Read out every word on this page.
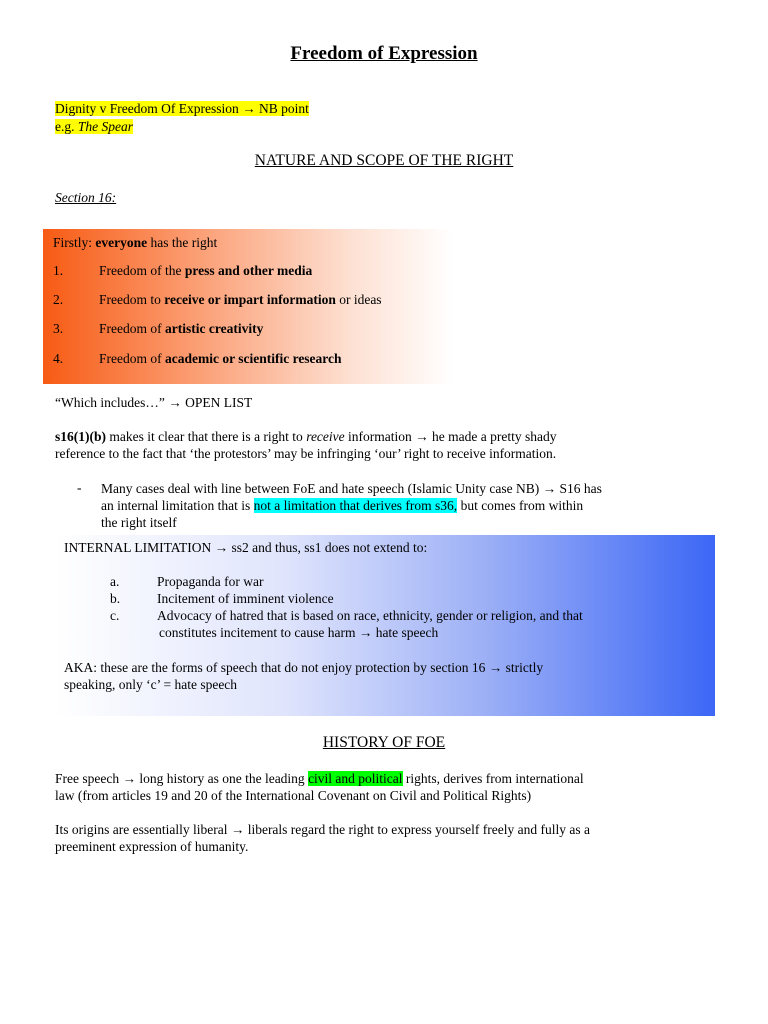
Freedom of Expression
Dignity v Freedom Of Expression → NB point
e.g. The Spear
NATURE AND SCOPE OF THE RIGHT
Section 16:
Firstly: everyone has the right
1.	Freedom of the press and other media
2.	Freedom to receive or impart information or ideas
3.	Freedom of artistic creativity
4.	Freedom of academic or scientific research
“Which includes…” → OPEN LIST
s16(1)(b) makes it clear that there is a right to receive information → he made a pretty shady
reference to the fact that ‘the protestors’ may be infringing ‘our’ right to receive information.
- Many cases deal with line between FoE and hate speech (Islamic Unity case NB) → S16 has
an internal limitation that is not a limitation that derives from s36, but comes from within
the right itself
INTERNAL LIMITATION → ss2 and thus, ss1 does not extend to:
a.	Propaganda for war
b.	Incitement of imminent violence
c.	Advocacy of hatred that is based on race, ethnicity, gender or religion, and that
constitutes incitement to cause harm → hate speech
AKA: these are the forms of speech that do not enjoy protection by section 16 → strictly
speaking, only ‘c’ = hate speech
HISTORY OF FOE
Free speech → long history as one the leading civil and political rights, derives from international
law (from articles 19 and 20 of the International Covenant on Civil and Political Rights)
Its origins are essentially liberal → liberals regard the right to express yourself freely and fully as a
preeminent expression of humanity.
